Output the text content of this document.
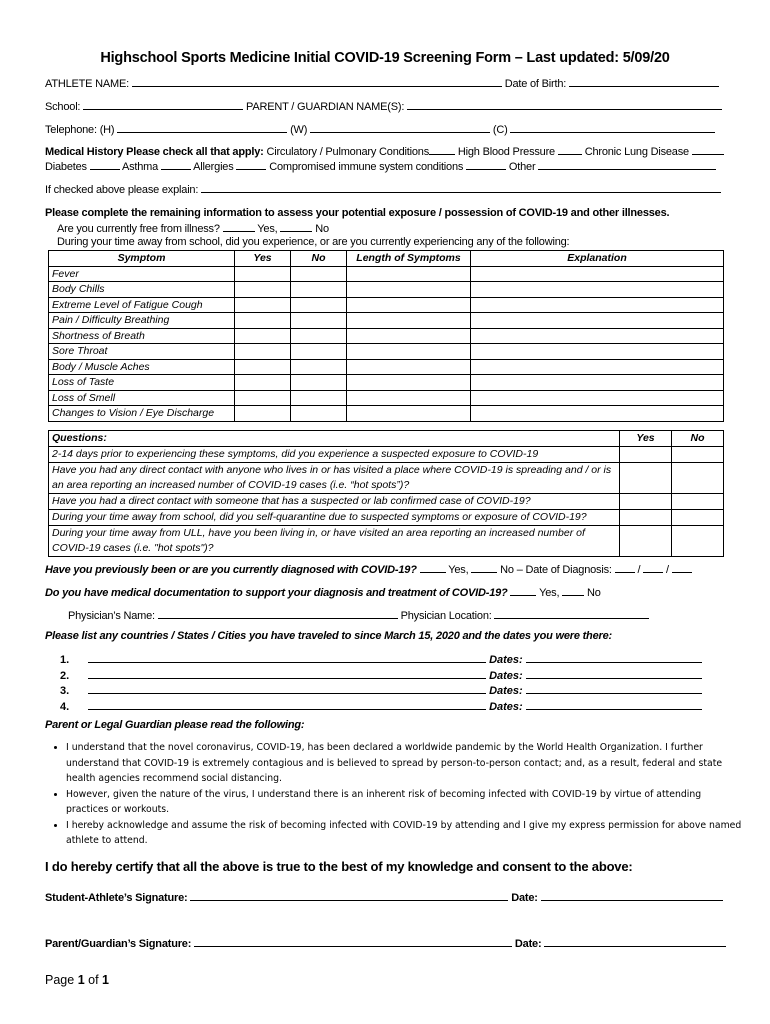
Highschool Sports Medicine Initial COVID-19 Screening Form – Last updated: 5/09/20
ATHLETE NAME:	Date of Birth:
School:	PARENT / GUARDIAN NAME(S):
Telephone: (H)	(W)	(C)
Medical History Please check all that apply: Circulatory / Pulmonary Conditions	High Blood Pressure	Chronic Lung Disease
Diabetes	Asthma	Allergies	Compromised immune system conditions	Other
If checked above please explain:
Please complete the remaining information to assess your potential exposure / possession of COVID-19 and other illnesses.
Are you currently free from illness?	Yes,	No
During your time away from school, did you experience, or are you currently experiencing any of the following:
Symptom	Yes	No	Length of Symptoms	Explanation
Fever				
Body Chills				
Extreme Level of Fatigue Cough				
Pain / Difficulty Breathing				
Shortness of Breath				
Sore Throat				
Body / Muscle Aches				
Loss of Taste				
Loss of Smell				
Changes to Vision / Eye Discharge				
Questions:	Yes	No
2-14 days prior to experiencing these symptoms, did you experience a suspected exposure to COVID-19		
Have you had any direct contact with anyone who lives in or has visited a place where COVID-19 is spreading and / or is an area reporting an increased number of COVID-19 cases (i.e. “hot spots”)?		
Have you had a direct contact with someone that has a suspected or lab confirmed case of COVID-19?		
During your time away from school, did you self-quarantine due to suspected symptoms or exposure of COVID-19?		
During your time away from ULL, have you been living in, or have visited an area reporting an increased number of COVID-19 cases (i.e. "hot spots")?		
Have you previously been or are you currently diagnosed with COVID-19?	Yes,	No – Date of Diagnosis:  /  /
Do you have medical documentation to support your diagnosis and treatment of COVID-19?	Yes,	No
Physician’s Name:	Physician Location:
Please list any countries / States / Cities you have traveled to since March 15, 2020 and the dates you were there:
1.	Dates:
2.	Dates:
3.	Dates:
4.	Dates:
Parent or Legal Guardian please read the following:
• I understand that the novel coronavirus, COVID-19, has been declared a worldwide pandemic by the World Health Organization. I further understand that COVID-19 is extremely contagious and is believed to spread by person-to-person contact; and, as a result, federal and state health agencies recommend social distancing.
• However, given the nature of the virus, I understand there is an inherent risk of becoming infected with COVID-19 by virtue of attending practices or workouts.
• I hereby acknowledge and assume the risk of becoming infected with COVID-19 by attending and I give my express permission for above named athlete to attend.
I do hereby certify that all the above is true to the best of my knowledge and consent to the above:
Student-Athlete’s Signature:	Date:
Parent/Guardian’s Signature:	Date:
Page 1 of 1
